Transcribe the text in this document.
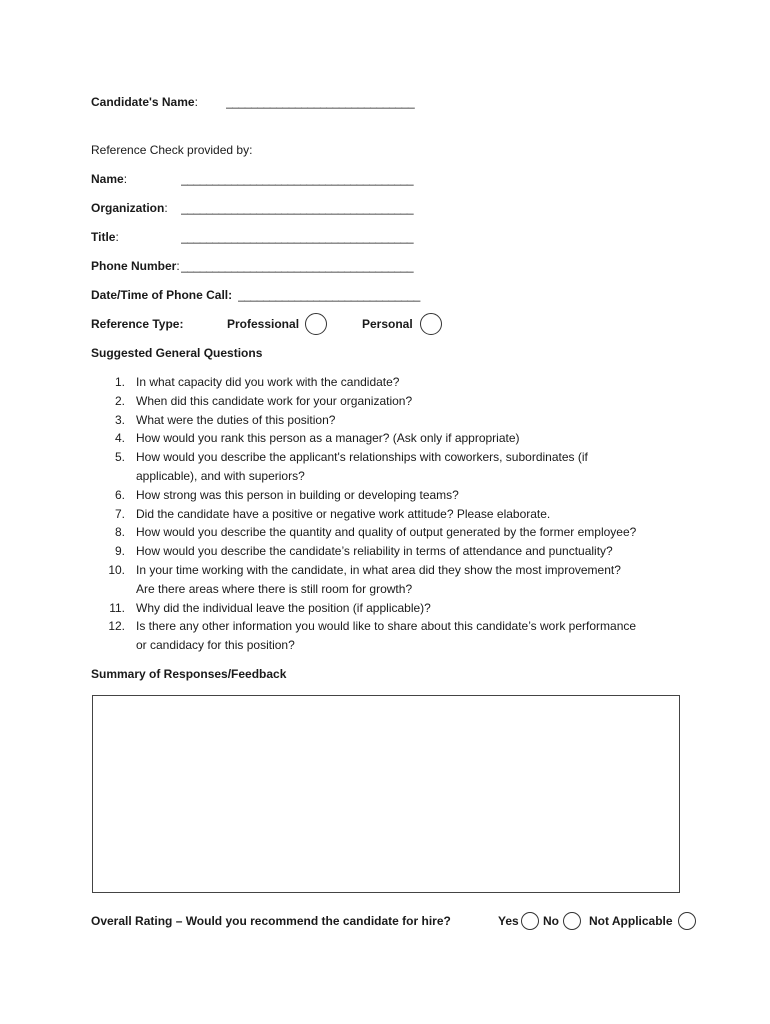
Candidate's Name: ______________________________
Reference Check provided by:
Name:	_____________________________________
Organization: _____________________________________
Title:	_____________________________________
Phone Number: _____________________________________
Date/Time of Phone Call: _____________________________
Reference Type:	Professional	Personal
Suggested General Questions
1. In what capacity did you work with the candidate?
2. When did this candidate work for your organization?
3. What were the duties of this position?
4. How would you rank this person as a manager? (Ask only if appropriate)
5. How would you describe the applicant's relationships with coworkers, subordinates (if
applicable), and with superiors?
6. How strong was this person in building or developing teams?
7. Did the candidate have a positive or negative work attitude? Please elaborate.
8. How would you describe the quantity and quality of output generated by the former employee?
9. How would you describe the candidate’s reliability in terms of attendance and punctuality?
10. In your time working with the candidate, in what area did they show the most improvement?
Are there areas where there is still room for growth?
11. Why did the individual leave the position (if applicable)?
12. Is there any other information you would like to share about this candidate’s work performance
or candidacy for this position?
Summary of Responses/Feedback
Overall Rating – Would you recommend the candidate for hire?	Yes No	Not Applicable
